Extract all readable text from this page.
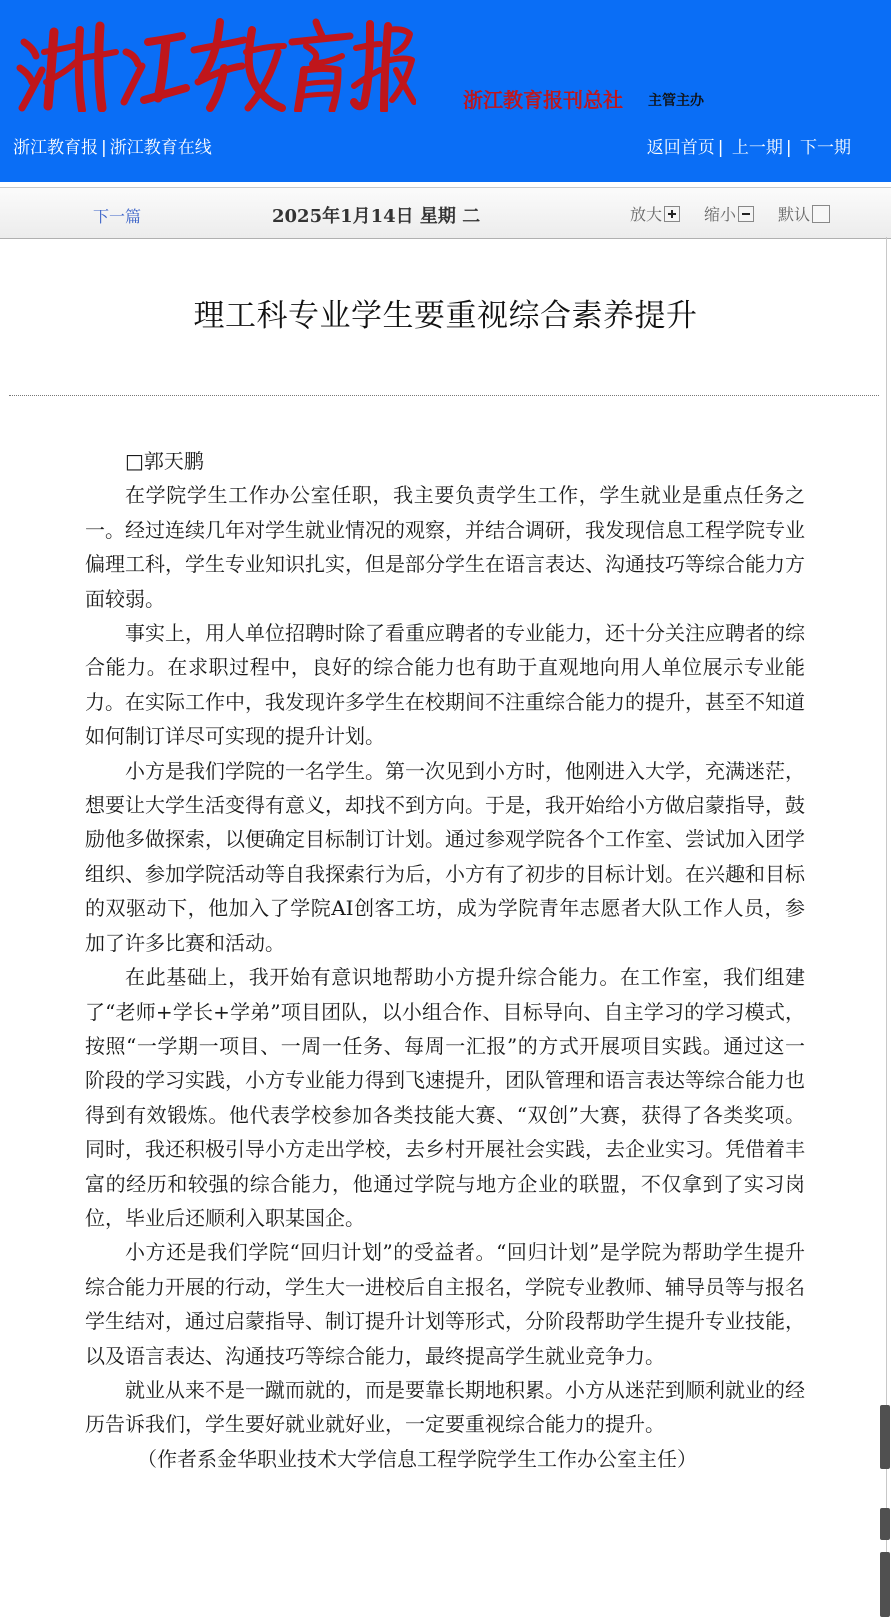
浙江教育报刊总社 主管主办
浙江教育报 | 浙江教育在线	返回首页 | 上一期 | 下一期
下一篇	2025年1月14日 星期 二	放大	缩小	默认
理工科专业学生要重视综合素养提升

□郭天鹏

在学院学生工作办公室任职，我主要负责学生工作，学生就业是重点任务之一。经过连续几年对学生就业情况的观察，并结合调研，我发现信息工程学院专业偏理工科，学生专业知识扎实，但是部分学生在语言表达、沟通技巧等综合能力方面较弱。

事实上，用人单位招聘时除了看重应聘者的专业能力，还十分关注应聘者的综合能力。在求职过程中，良好的综合能力也有助于直观地向用人单位展示专业能力。在实际工作中，我发现许多学生在校期间不注重综合能力的提升，甚至不知道如何制订详尽可实现的提升计划。

小方是我们学院的一名学生。第一次见到小方时，他刚进入大学，充满迷茫，想要让大学生活变得有意义，却找不到方向。于是，我开始给小方做启蒙指导，鼓励他多做探索，以便确定目标制订计划。通过参观学院各个工作室、尝试加入团学组织、参加学院活动等自我探索行为后，小方有了初步的目标计划。在兴趣和目标的双驱动下，他加入了学院AI创客工坊，成为学院青年志愿者大队工作人员，参加了许多比赛和活动。

在此基础上，我开始有意识地帮助小方提升综合能力。在工作室，我们组建了“老师+学长+学弟”项目团队，以小组合作、目标导向、自主学习的学习模式，按照“一学期一项目、一周一任务、每周一汇报”的方式开展项目实践。通过这一阶段的学习实践，小方专业能力得到飞速提升，团队管理和语言表达等综合能力也得到有效锻炼。他代表学校参加各类技能大赛、“双创”大赛，获得了各类奖项。同时，我还积极引导小方走出学校，去乡村开展社会实践，去企业实习。凭借着丰富的经历和较强的综合能力，他通过学院与地方企业的联盟，不仅拿到了实习岗位，毕业后还顺利入职某国企。

小方还是我们学院“回归计划”的受益者。“回归计划”是学院为帮助学生提升综合能力开展的行动，学生大一进校后自主报名，学院专业教师、辅导员等与报名学生结对，通过启蒙指导、制订提升计划等形式，分阶段帮助学生提升专业技能，以及语言表达、沟通技巧等综合能力，最终提高学生就业竞争力。

就业从来不是一蹴而就的，而是要靠长期地积累。小方从迷茫到顺利就业的经历告诉我们，学生要好就业就好业，一定要重视综合能力的提升。

（作者系金华职业技术大学信息工程学院学生工作办公室主任）
